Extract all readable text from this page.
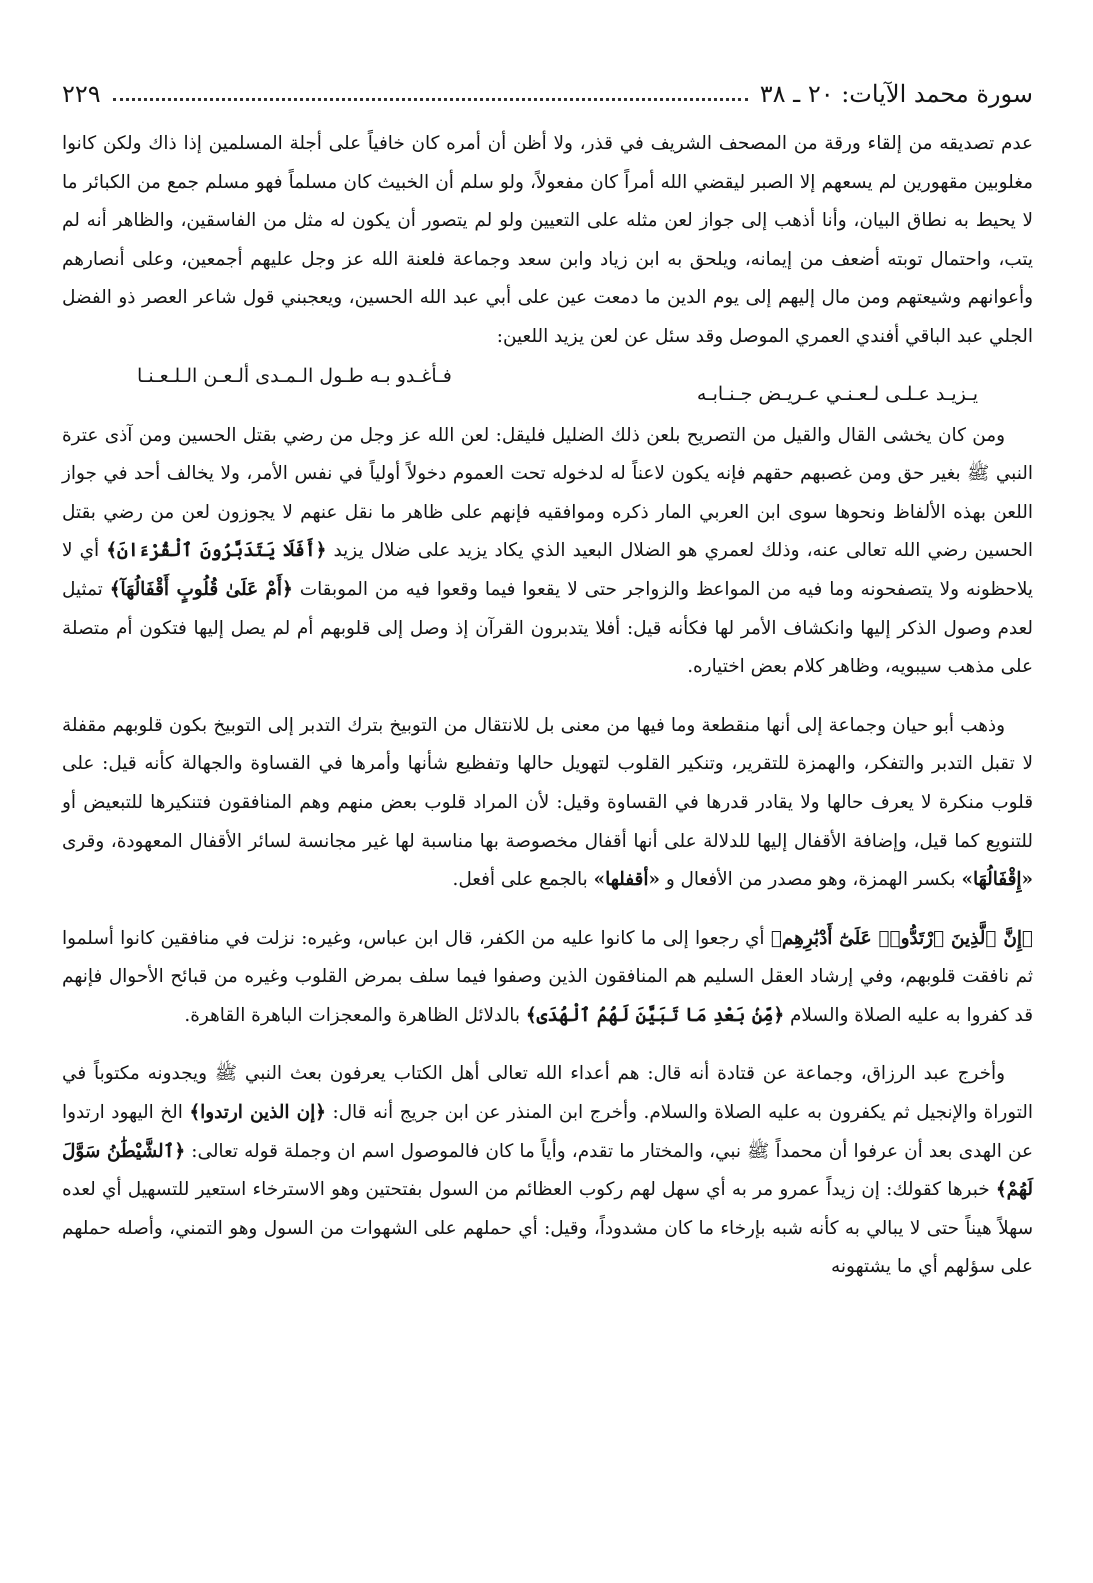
سورة محمد الآيات: ٢٠ ـ ٣٨
٢٢٩

عدم تصديقه من إلقاء ورقة من المصحف الشريف في قذر، ولا أظن أن أمره كان خافياً على أجلة المسلمين إذا ذاك ولكن كانوا مغلوبين مقهورين لم يسعهم إلا الصبر ليقضي الله أمراً كان مفعولاً، ولو سلم أن الخبيث كان مسلماً فهو مسلم جمع من الكبائر ما لا يحيط به نطاق البيان، وأنا أذهب إلى جواز لعن مثله على التعيين ولو لم يتصور أن يكون له مثل من الفاسقين، والظاهر أنه لم يتب، واحتمال توبته أضعف من إيمانه، ويلحق به ابن زياد وابن سعد وجماعة فلعنة الله عز وجل عليهم أجمعين، وعلى أنصارهم وأعوانهم وشيعتهم ومن مال إليهم إلى يوم الدين ما دمعت عين على أبي عبد الله الحسين، ويعجبني قول شاعر العصر ذو الفضل الجلي عبد الباقي أفندي العمري الموصل وقد سئل عن لعن يزيد اللعين:

يـزيـد عـلـى لـعـنـي عـريـض جـنـابـه
فـأغـدو بـه طـول الـمـدى ألـعـن الـلـعـنـا

ومن كان يخشى القال والقيل من التصريح بلعن ذلك الضليل فليقل: لعن الله عز وجل من رضي بقتل الحسين ومن آذى عترة النبي ﷺ بغير حق ومن غصبهم حقهم فإنه يكون لاعناً له لدخوله تحت العموم دخولاً أولياً في نفس الأمر، ولا يخالف أحد في جواز اللعن بهذه الألفاظ ونحوها سوى ابن العربي المار ذكره وموافقيه فإنهم على ظاهر ما نقل عنهم لا يجوزون لعن من رضي بقتل الحسين رضي الله تعالى عنه، وذلك لعمري هو الضلال البعيد الذي يكاد يزيد على ضلال يزيد ﴿أَفَلَا يَتَدَبَّرُونَ ٱلْقُرْءَانَ﴾ أي لا يلاحظونه ولا يتصفحونه وما فيه من المواعظ والزواجر حتى لا يقعوا فيما وقعوا فيه من الموبقات ﴿أَمْ عَلَىٰ قُلُوبٍ أَقْفَالُهَآ﴾ تمثيل لعدم وصول الذكر إليها وانكشاف الأمر لها فكأنه قيل: أفلا يتدبرون القرآن إذ وصل إلى قلوبهم أم لم يصل إليها فتكون أم متصلة على مذهب سيبويه، وظاهر كلام بعض اختياره.

وذهب أبو حيان وجماعة إلى أنها منقطعة وما فيها من معنى بل للانتقال من التوبيخ بترك التدبر إلى التوبيخ بكون قلوبهم مقفلة لا تقبل التدبر والتفكر، والهمزة للتقرير، وتنكير القلوب لتهويل حالها وتفظيع شأنها وأمرها في القساوة والجهالة كأنه قيل: على قلوب منكرة لا يعرف حالها ولا يقادر قدرها في القساوة وقيل: لأن المراد قلوب بعض منهم وهم المنافقون فتنكيرها للتبعيض أو للتنويع كما قيل، وإضافة الأقفال إليها للدلالة على أنها أقفال مخصوصة بها مناسبة لها غير مجانسة لسائر الأقفال المعهودة، وقرى «إِقْفَالُهَا» بكسر الهمزة، وهو مصدر من الأفعال و «أقفلها» بالجمع على أفعل.

﴿إِنَّ ٱلَّذِينَ ٱرْتَدُّوا۟ عَلَىٰٓ أَدْبَٰرِهِم﴾ أي رجعوا إلى ما كانوا عليه من الكفر، قال ابن عباس، وغيره: نزلت في منافقين كانوا أسلموا ثم نافقت قلوبهم، وفي إرشاد العقل السليم هم المنافقون الذين وصفوا فيما سلف بمرض القلوب وغيره من قبائح الأحوال فإنهم قد كفروا به عليه الصلاة والسلام ﴿مِّنۢ بَعْدِ مَا تَبَيَّنَ لَهُمُ ٱلْهُدَى﴾ بالدلائل الظاهرة والمعجزات الباهرة القاهرة.

وأخرج عبد الرزاق، وجماعة عن قتادة أنه قال: هم أعداء الله تعالى أهل الكتاب يعرفون بعث النبي ﷺ ويجدونه مكتوباً في التوراة والإنجيل ثم يكفرون به عليه الصلاة والسلام. وأخرج ابن المنذر عن ابن جريج أنه قال: ﴿إن الذين ارتدوا﴾ الخ اليهود ارتدوا عن الهدى بعد أن عرفوا أن محمداً ﷺ نبي، والمختار ما تقدم، وأياً ما كان فالموصول اسم ان وجملة قوله تعالى: ﴿ٱلشَّيْطَٰنُ سَوَّلَ لَهُمْ﴾ خبرها كقولك: إن زيداً عمرو مر به أي سهل لهم ركوب العظائم من السول بفتحتين وهو الاسترخاء استعير للتسهيل أي لعده سهلاً هيناً حتى لا يبالي به كأنه شبه بإرخاء ما كان مشدوداً، وقيل: أي حملهم على الشهوات من السول وهو التمني، وأصله حملهم على سؤلهم أي ما يشتهونه
